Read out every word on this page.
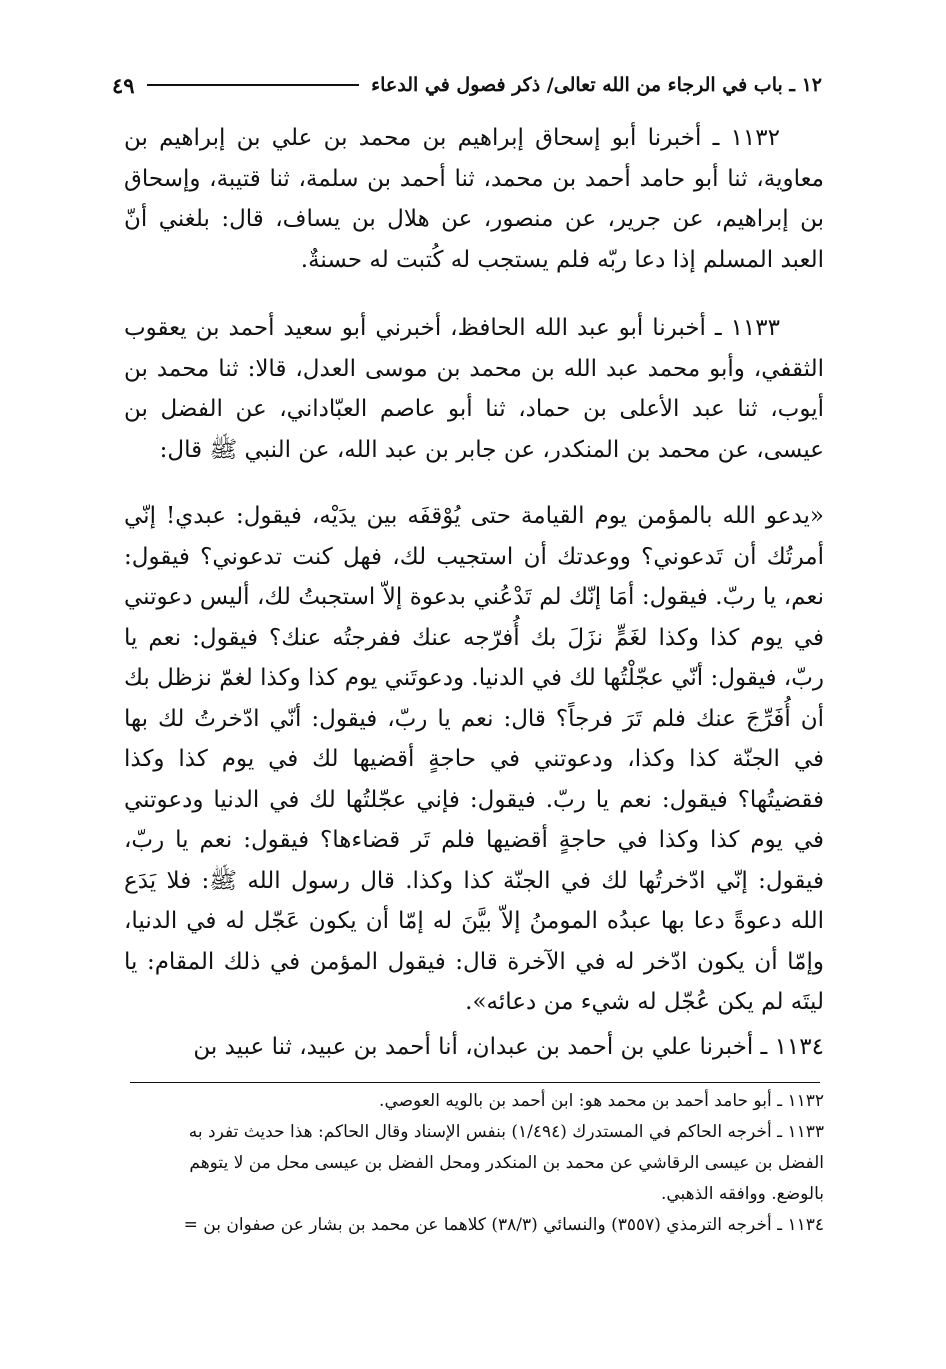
١٢ ـ باب في الرجاء من الله تعالى/ ذكر فصول في الدعاء
٤٩

١١٣٢ ـ أخبرنا أبو إسحاق إبراهيم بن محمد بن علي بن إبراهيم بن معاوية، ثنا أبو حامد أحمد بن محمد، ثنا أحمد بن سلمة، ثنا قتيبة، وإسحاق بن إبراهيم، عن جرير، عن منصور، عن هلال بن يساف، قال: بلغني أنّ العبد المسلم إذا دعا ربّه فلم يستجب له كُتبت له حسنةٌ.

١١٣٣ ـ أخبرنا أبو عبد الله الحافظ، أخبرني أبو سعيد أحمد بن يعقوب الثقفي، وأبو محمد عبد الله بن محمد بن موسى العدل، قالا: ثنا محمد بن أيوب، ثنا عبد الأعلى بن حماد، ثنا أبو عاصم العبّاداني، عن الفضل بن عيسى، عن محمد بن المنكدر، عن جابر بن عبد الله، عن النبي ﷺ قال:

«يدعو الله بالمؤمن يوم القيامة حتى يُوْقفَه بين يدَيْه، فيقول: عبدي! إنّي أمرتُك أن تَدعوني؟ ووعدتك أن استجيب لك، فهل كنت تدعوني؟ فيقول: نعم، يا ربّ. فيقول: أمَا إنّك لم تَدْعُني بدعوة إلاّ استجبتُ لك، أليس دعوتني في يوم كذا وكذا لغَمٍّ نزَلَ بك أُفرّجه عنك ففرجتُه عنك؟ فيقول: نعم يا ربّ، فيقول: أنّي عجّلْتُها لك في الدنيا. ودعوتَني يوم كذا وكذا لغمّ نزظل بك أن أُفَرِّجَ عنك فلم تَرَ فرجاً؟ قال: نعم يا ربّ، فيقول: أنّي ادّخرتُ لك بها في الجنّة كذا وكذا، ودعوتني في حاجةٍ أقضيها لك في يوم كذا وكذا فقضيتُها؟ فيقول: نعم يا ربّ. فيقول: فإني عجّلتُها لك في الدنيا ودعوتني في يوم كذا وكذا في حاجةٍ أقضيها فلم تَر قضاءها؟ فيقول: نعم يا ربّ، فيقول: إنّي ادّخرتُها لك في الجنّة كذا وكذا. قال رسول الله ﷺ: فلا يَدَع الله دعوةً دعا بها عبدُه المومنُ إلاّ بيَّنَ له إمّا أن يكون عَجّل له في الدنيا، وإمّا أن يكون ادّخر له في الآخرة قال: فيقول المؤمن في ذلك المقام: يا ليتَه لم يكن عُجّل له شيء من دعائه».

١١٣٤ ـ أخبرنا علي بن أحمد بن عبدان، أنا أحمد بن عبيد، ثنا عبيد بن

١١٣٢ ـ أبو حامد أحمد بن محمد هو: ابن أحمد بن بالويه العوصي.

١١٣٣ ـ أخرجه الحاكم في المستدرك (١/٤٩٤) بنفس الإسناد وقال الحاكم: هذا حديث تفرد به

الفضل بن عيسى الرقاشي عن محمد بن المنكدر ومحل الفضل بن عيسى محل من لا يتوهم

بالوضع. ووافقه الذهبي.

١١٣٤ ـ أخرجه الترمذي (٣٥٥٧) والنسائي (٣٨/٣) كلاهما عن محمد بن بشار عن صفوان بن =
